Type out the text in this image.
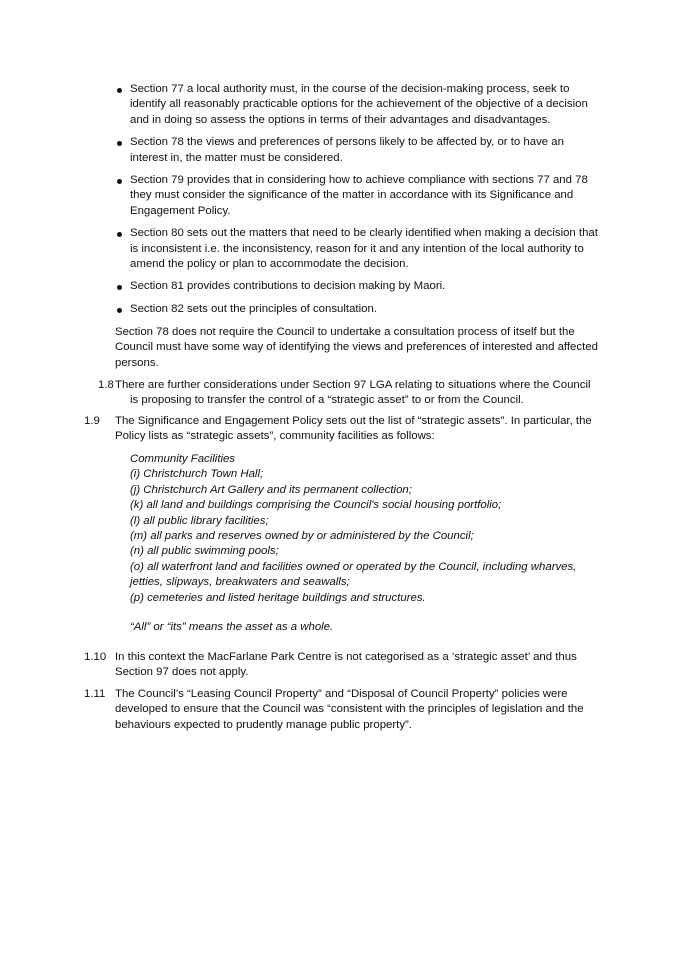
Section 77 a local authority must, in the course of the decision-making process, seek to identify all reasonably practicable options for the achievement of the objective of a decision and in doing so assess the options in terms of their advantages and disadvantages.
Section 78 the views and preferences of persons likely to be affected by, or to have an interest in, the matter must be considered.
Section 79 provides that in considering how to achieve compliance with sections 77 and 78 they must consider the significance of the matter in accordance with its Significance and Engagement Policy.
Section 80 sets out the matters that need to be clearly identified when making a decision that is inconsistent i.e. the inconsistency, reason for it and any intention of the local authority to amend the policy or plan to accommodate the decision.
Section 81 provides contributions to decision making by Maori.
Section 82 sets out the principles of consultation.
Section 78 does not require the Council to undertake a consultation process of itself but the Council must have some way of identifying the views and preferences of interested and affected persons.
1.8 There are further considerations under Section 97 LGA relating to situations where the Council
is proposing to transfer the control of a “strategic asset” to or from the Council.
1.9	The Significance and Engagement Policy sets out the list of “strategic assets”. In particular, the Policy lists as “strategic assets”, community facilities as follows:
Community Facilities
(i) Christchurch Town Hall;
(j) Christchurch Art Gallery and its permanent collection;
(k) all land and buildings comprising the Council's social housing portfolio;
(l) all public library facilities;
(m) all parks and reserves owned by or administered by the Council;
(n) all public swimming pools;
(o) all waterfront land and facilities owned or operated by the Council, including wharves, jetties, slipways, breakwaters and seawalls;
(p) cemeteries and listed heritage buildings and structures.
“All” or “its” means the asset as a whole.
1.10 In this context the MacFarlane Park Centre is not categorised as a ‘strategic asset’ and thus Section 97 does not apply.
1.11 The Council’s “Leasing Council Property” and “Disposal of Council Property” policies were developed to ensure that the Council was “consistent with the principles of legislation and the behaviours expected to prudently manage public property”.
